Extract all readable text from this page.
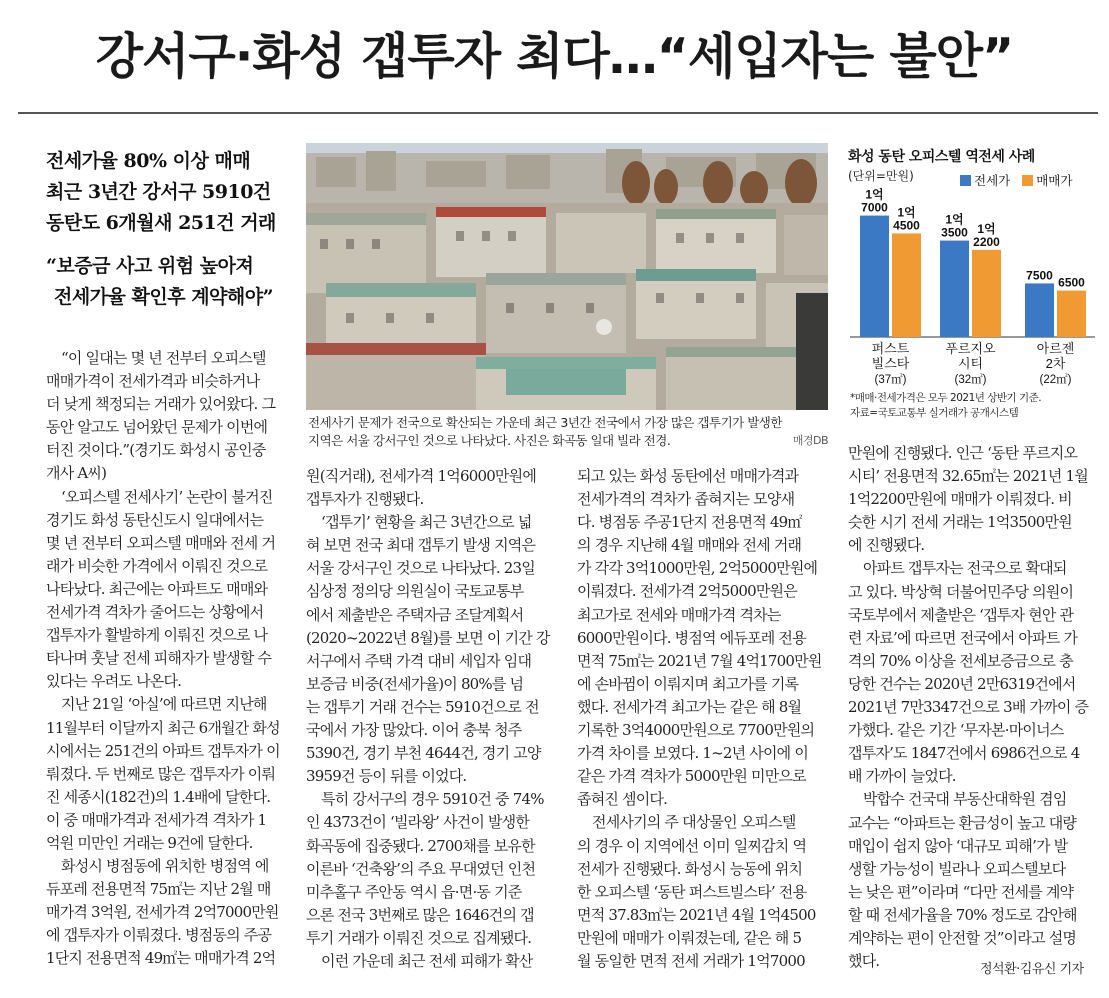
강서구·화성 갭투자 최다…“세입자는 불안”
전세가율 80% 이상 매매
최근 3년간 강서구 5910건
동탄도 6개월새 251건 거래
“보증금 사고 위험 높아져
전세가율 확인후 계약해야”
전세사기 문제가 전국으로 확산되는 가운데 최근 3년간 전국에서 가장 많은 갭투기가 발생한
지역은 서울 강서구인 것으로 나타났다. 사진은 화곡동 일대 빌라 전경.	매경DB
화성 동탄 오피스텔 역전세 사례
(단위=만원)	전세가 매매가
1억
7000 1억
4500
퍼스트
빌스타
(37㎡)
1억
3500 1억
2200
푸르지오
시티
(32㎡)
7500
6500
아르젠
2차
(22㎡)
*매매·전세가격은 모두 2021년 상반기 기준.
자료=국토교통부 실거래가 공개시스템
“이 일대는 몇 년 전부터 오피스텔
매매가격이 전세가격과 비슷하거나
더 낮게 책정되는 거래가 있어왔다. 그
동안 알고도 넘어왔던 문제가 이번에
터진 것이다.”(경기도 화성시 공인중
개사 A씨)
‘오피스텔 전세사기’ 논란이 불거진
경기도 화성 동탄신도시 일대에서는
몇 년 전부터 오피스텔 매매와 전세 거
래가 비슷한 가격에서 이뤄진 것으로
나타났다. 최근에는 아파트도 매매와
전세가격 격차가 줄어드는 상황에서
갭투자가 활발하게 이뤄진 것으로 나
타나며 훗날 전세 피해자가 발생할 수
있다는 우려도 나온다.
지난 21일 ‘아실’에 따르면 지난해
11월부터 이달까지 최근 6개월간 화성
시에서는 251건의 아파트 갭투자가 이
뤄졌다. 두 번째로 많은 갭투자가 이뤄
진 세종시(182건)의 1.4배에 달한다.
이 중 매매가격과 전세가격 격차가 1
억원 미만인 거래는 9건에 달한다.
화성시 병점동에 위치한 병점역 에
듀포레 전용면적 75㎡는 지난 2월 매
매가격 3억원, 전세가격 2억7000만원
에 갭투자가 이뤄졌다. 병점동의 주공
1단지 전용면적 49㎡는 매매가격 2억
원(직거래), 전세가격 1억6000만원에
갭투자가 진행됐다.
‘갭투기’ 현황을 최근 3년간으로 넓
혀 보면 전국 최대 갭투기 발생 지역은
서울 강서구인 것으로 나타났다. 23일
심상정 정의당 의원실이 국토교통부
에서 제출받은 주택자금 조달계획서
(2020~2022년 8월)를 보면 이 기간 강
서구에서 주택 가격 대비 세입자 임대
보증금 비중(전세가율)이 80%를 넘
는 갭투기 거래 건수는 5910건으로 전
국에서 가장 많았다. 이어 충북 청주
5390건, 경기 부천 4644건, 경기 고양
3959건 등이 뒤를 이었다.
특히 강서구의 경우 5910건 중 74%
인 4373건이 ‘빌라왕’ 사건이 발생한
화곡동에 집중됐다. 2700채를 보유한
이른바 ‘건축왕’의 주요 무대였던 인천
미추홀구 주안동 역시 읍·면·동 기준
으론 전국 3번째로 많은 1646건의 갭
투기 거래가 이뤄진 것으로 집계됐다.
이런 가운데 최근 전세 피해가 확산
되고 있는 화성 동탄에선 매매가격과
전세가격의 격차가 좁혀지는 모양새
다. 병점동 주공1단지 전용면적 49㎡
의 경우 지난해 4월 매매와 전세 거래
가 각각 3억1000만원, 2억5000만원에
이뤄졌다. 전세가격 2억5000만원은
최고가로 전세와 매매가격 격차는
6000만원이다. 병점역 에듀포레 전용
면적 75㎡는 2021년 7월 4억1700만원
에 손바뀜이 이뤄지며 최고가를 기록
했다. 전세가격 최고가는 같은 해 8월
기록한 3억4000만원으로 7700만원의
가격 차이를 보였다. 1~2년 사이에 이
같은 가격 격차가 5000만원 미만으로
좁혀진 셈이다.
전세사기의 주 대상물인 오피스텔
의 경우 이 지역에선 이미 일찌감치 역
전세가 진행됐다. 화성시 능동에 위치
한 오피스텔 ‘동탄 퍼스트빌스타’ 전용
면적 37.83㎡는 2021년 4월 1억4500
만원에 매매가 이뤄졌는데, 같은 해 5
월 동일한 면적 전세 거래가 1억7000
만원에 진행됐다. 인근 ‘동탄 푸르지오
시티’ 전용면적 32.65㎡는 2021년 1월
1억2200만원에 매매가 이뤄졌다. 비
슷한 시기 전세 거래는 1억3500만원
에 진행됐다.
아파트 갭투자는 전국으로 확대되
고 있다. 박상혁 더불어민주당 의원이
국토부에서 제출받은 ‘갭투자 현안 관
련 자료’에 따르면 전국에서 아파트 가
격의 70% 이상을 전세보증금으로 충
당한 건수는 2020년 2만6319건에서
2021년 7만3347건으로 3배 가까이 증
가했다. 같은 기간 ‘무자본·마이너스
갭투자’도 1847건에서 6986건으로 4
배 가까이 늘었다.
박합수 건국대 부동산대학원 겸임
교수는 “아파트는 환금성이 높고 대량
매입이 쉽지 않아 ‘대규모 피해’가 발
생할 가능성이 빌라나 오피스텔보다
는 낮은 편”이라며 “다만 전세를 계약
할 때 전세가율을 70% 정도로 감안해
계약하는 편이 안전할 것”이라고 설명
했다.	정석환·김유신 기자
